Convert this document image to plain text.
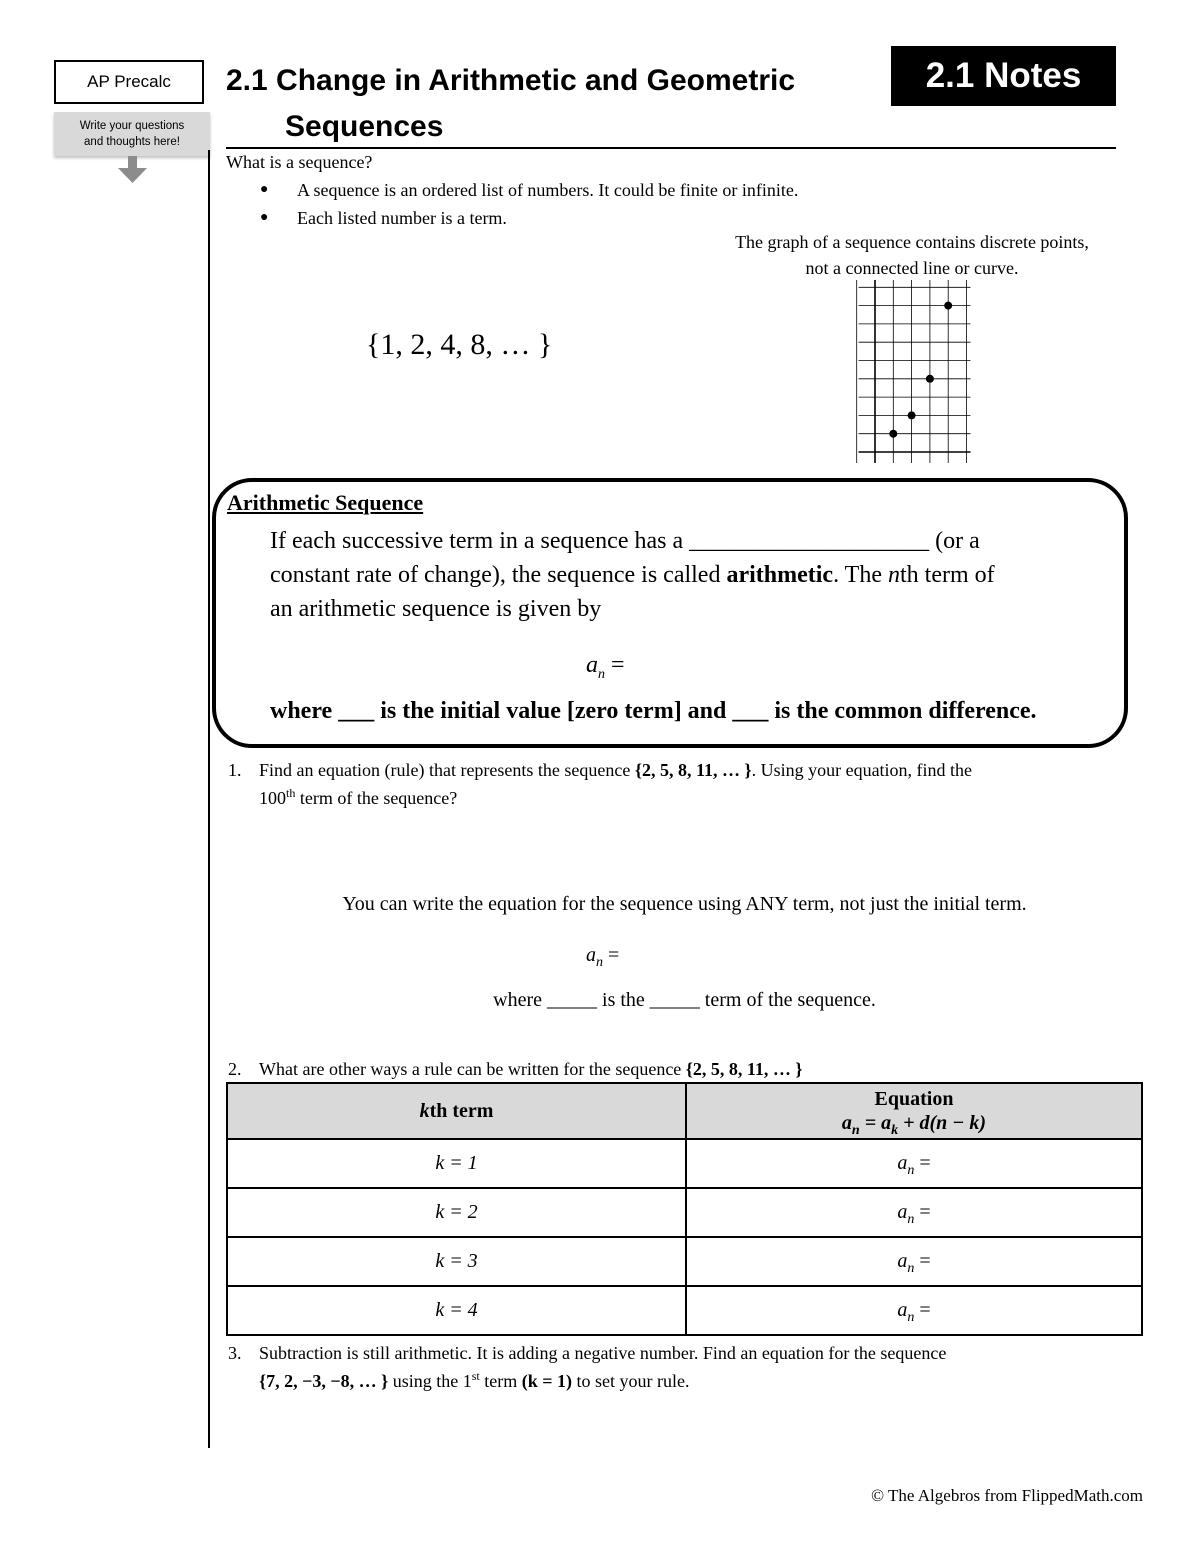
AP Precalc
Write your questions
and thoughts here!
2.1 Change in Arithmetic and Geometric
Sequences
2.1 Notes
What is a sequence?
● A sequence is an ordered list of numbers. It could be finite or infinite.
● Each listed number is a term.
The graph of a sequence contains discrete points,
not a connected line or curve.
{1, 2, 4, 8, … }
Arithmetic Sequence
If each successive term in a sequence has a ____________________ (or a
constant rate of change), the sequence is called arithmetic. The nth term of
an arithmetic sequence is given by
$a_n$ =
where ___ is the initial value [zero term] and ___ is the common difference.
1. Find an equation (rule) that represents the sequence {2, 5, 8, 11, … }. Using your equation, find the
100th term of the sequence?
You can write the equation for the sequence using ANY term, not just the initial term.
$a_n$ =
where _____ is the _____ term of the sequence.
2. What are other ways a rule can be written for the sequence {2, 5, 8, 11, … }
kth term	Equation
$a_n = a_k + d(n - k)$
k = 1	$a_n$ =
k = 2	$a_n$ =
k = 3	$a_n$ =
k = 4	$a_n$ =
3. Subtraction is still arithmetic. It is adding a negative number. Find an equation for the sequence
{7, 2, −3, −8, … } using the 1st term (k = 1) to set your rule.
© The Algebros from FlippedMath.com
